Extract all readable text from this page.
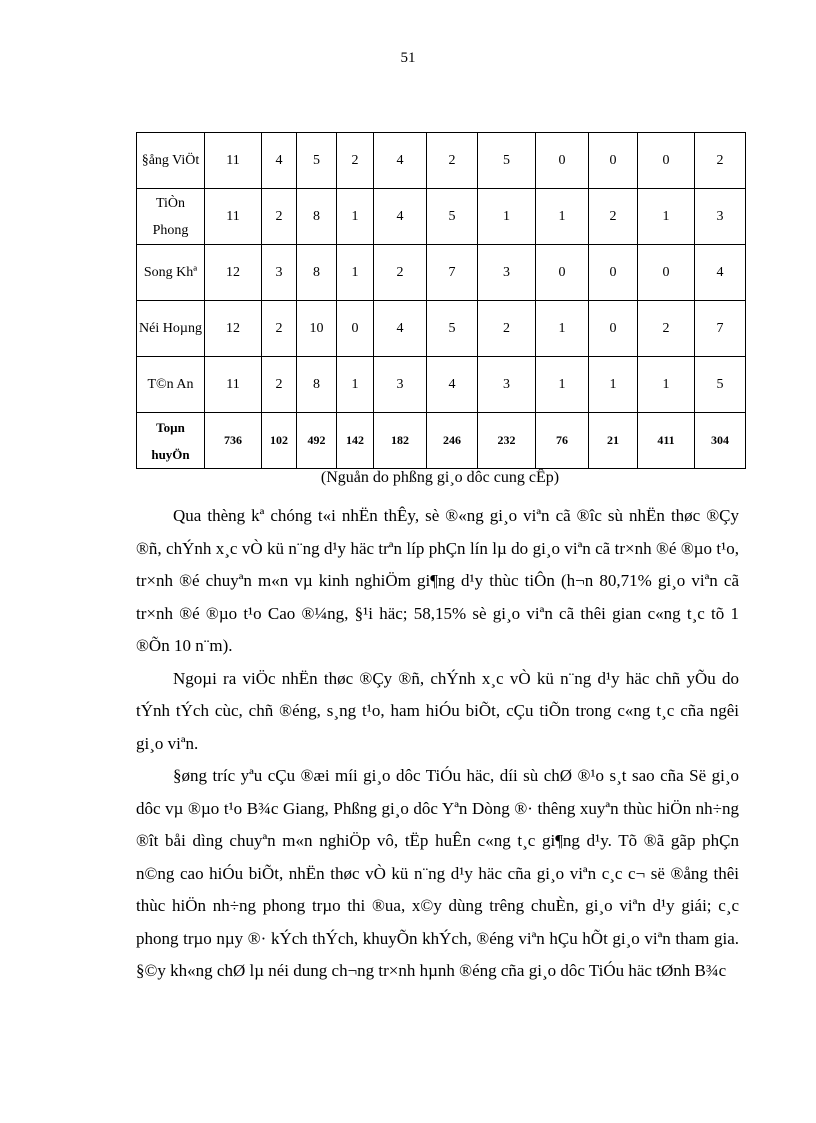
51
§ång ViÖt	11	4	5	2	4	2	5	0	0	0	2
TiÒn Phong	11	2	8	1	4	5	1	1	2	1	3
Song Khª	12	3	8	1	2	7	3	0	0	0	4
Néi Hoµng	12	2	10	0	4	5	2	1	0	2	7
T©n An	11	2	8	1	3	4	3	1	1	1	5
Toµn huyÖn	736	102	492	142	182	246	232	76	21	411	304
(Nguån do phßng gi¸o dôc cung cÊp)

Qua thèng kª chóng t«i nhËn thÊy, sè ®«ng gi¸o viªn cã ®îc sù nhËn thøc ®Çy ®ñ, chÝnh x¸c vÒ kü n¨ng d¹y häc trªn líp phÇn lín lµ do gi¸o viªn cã tr×nh ®é ®µo t¹o, tr×nh ®é chuyªn m«n vµ kinh nghiÖm gi¶ng d¹y thùc tiÔn (h¬n 80,71% gi¸o viªn cã tr×nh ®é ®µo t¹o Cao ®¼ng, §¹i häc; 58,15% sè gi¸o viªn cã thêi gian c«ng t¸c tõ 1 ®Õn 10 n¨m).

Ngoµi ra viÖc nhËn thøc ®Çy ®ñ, chÝnh x¸c vÒ kü n¨ng d¹y häc chñ yÕu do tÝnh tÝch cùc, chñ ®éng, s¸ng t¹o, ham hiÓu biÕt, cÇu tiÕn trong c«ng t¸c cña ngêi gi¸o viªn.

§øng tríc yªu cÇu ®æi míi gi¸o dôc TiÓu häc, díi sù chØ ®¹o s¸t sao cña Së gi¸o dôc vµ ®µo t¹o B¾c Giang, Phßng gi¸o dôc Yªn Dòng ®· thêng xuyªn thùc hiÖn nh÷ng ®ît båi dìng chuyªn m«n nghiÖp vô, tËp huÊn c«ng t¸c gi¶ng d¹y. Tõ ®ã gãp phÇn n©ng cao hiÓu biÕt, nhËn thøc vÒ kü n¨ng d¹y häc cña gi¸o viªn c¸c c¬ së ®ång thêi thùc hiÖn nh÷ng phong trµo thi ®ua, x©y dùng trêng chuÈn, gi¸o viªn d¹y giái; c¸c phong trµo nµy ®· kÝch thÝch, khuyÕn khÝch, ®éng viªn hÇu hÕt gi¸o viªn tham gia. §©y kh«ng chØ lµ néi dung ch¬ng tr×nh hµnh ®éng cña gi¸o dôc TiÓu häc tØnh B¾c
